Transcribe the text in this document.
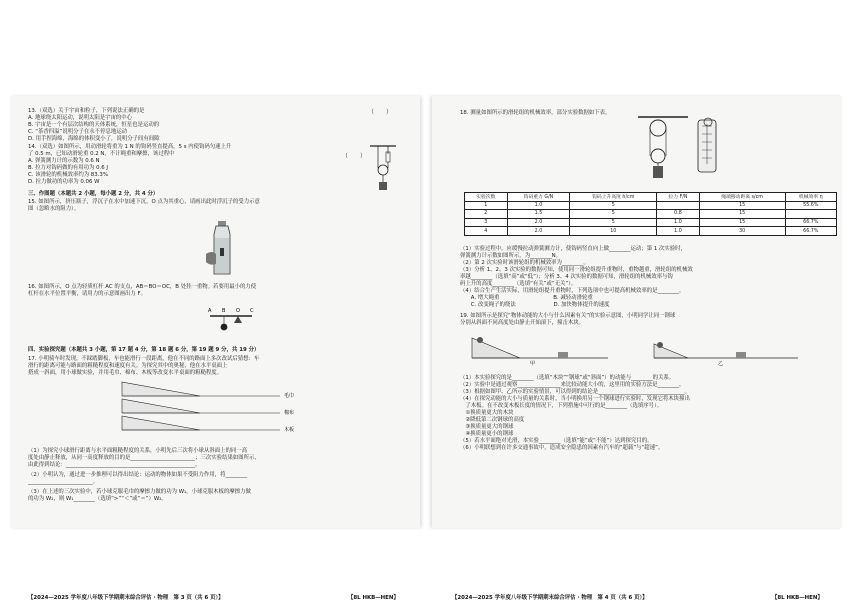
13.（双选）关于宇宙和粒子，下列说法正确的是
A. 地球绕太阳运动，说明太阳是宇宙的中心
B. 宇宙是一个有层次结构的天体系统，恒星也是运动的
C. “茶香四溢”说明分子在永不停息地运动
D. 用手捏海绵，海绵的体积变小了，说明分子间有间隙
（　　）
14.（双选）如图所示，用动滑轮将重为 1 N 的钩码竖直提高，5 s 内使钩码匀速上升
了 0.5 m，已知动滑轮重 0.2 N，不计绳重和摩擦，该过程中
A. 弹簧测力计的示数为 0.6 N
B. 拉力对钩码做的有用功为 0.6 J
C. 该滑轮的机械效率约为 83.3%
D. 拉力做功的功率为 0.06 W
（　　）
三、作图题（本题共 2 小题，每小题 2 分，共 4 分）
15. 如图所示，挤压瓶子，浮沉子在水中加速下沉，O 点为其重心，请画出此时浮沉子的受力示意
图（忽略水的阻力）。
16. 如图所示，O 点为轻质杠杆 AC 的支点，AB＝BO＝OC，B 处挂一重物。若要用最小的力使
杠杆在水平位置平衡，请用力的示意图画出力 F。
A B O C
四、实验探究题（本题共 3 小题，第 17 题 4 分，第 18 题 6 分，第 19 题 9 分，共 19 分）
17. 小明骑车时发现，不踩踏脚板，车也能滑行一段距离，他在不同的路面上多次改试后猜想：车
滑行的距离可能与路面的粗糙程度和速度有关。为探究其中的奥秘，他在水平桌面上
搭成一斜面，用小球做实验，并用毛巾、棉布、木板等改变水平桌面的粗糙程度。
毛巾
棉布
木板
（1）为探究小球滑行距离与水平面粗糙程度的关系，小明先后三次将小球从斜面上的同一高
度处由静止释放，从同一高度释放的目的是________________________；三次实验结果如图所示，
由此得到结论：________________________________________________。
（2）小明认为，通过进一步推理可以得出结论：运动的物体如果不受阻力作用，将________
________________________。
（3）在上述的三次实验中，若小球克服毛巾的摩擦力做的功为 W₁，小球克服木板的摩擦力做
的功为 W₂，则 W₁________（选填“>”“＜”或“＝”）W₂。
【2024—2025 学年度八年级下学期期末综合评估 · 物理　第 3 页（共 6 页）】	【8L HKB—HEN】
18. 测量如图所示的滑轮组的机械效率，部分实验数据如下表。
实验次数	钩码重力 G/N	钩码上升高度 h/cm	拉力 F/N	绳端移动距离 s/cm	机械效率 η
1	1.0	5		15	55.6%
2	1.5	5	0.8	15	
3	2.0	5	1.0	15	66.7%
4	2.0	10	1.0	30	66.7%
（1）实验过程中，应缓慢拉动弹簧测力计，使钩码竖直向上做________运动；第 1 次实验时，
弹簧测力计示数如图所示，为________N。
（2）第 2 次实验时该滑轮组的机械效率为________。
（3）分析 1、2、3 次实验的数据可知，使用同一滑轮组提升重物时，重物越重，滑轮组的机械效
率越________（选填“高”或“低”）；分析 3、4 次实验的数据可知，滑轮组的机械效率与钩
码上升的高度________（选填“有关”或“无关”）。
（4）结合生产生活实际，用滑轮组提升重物时，下列选项中也可提高机械效率的是________。
　　A. 增大绳重　　　　　　　　　　B. 减轻动滑轮重
　　C. 改变绳子的绕法　　　　　　　D. 加快物体提升的速度
19. 如图所示是探究“物体动能的大小与什么因素有关”的实验示意图，小明同学让同一钢球
分别从斜面不同高度处由静止开始滚下，撞击木块。
甲	乙
（1）本实验探究的是________（选填“木块”“钢球”或“斜面”）的动能与________的关系。
（2）实验中是通过观察________________来比较动能大小的，这里用的实验方法是________。
（3）根据如图甲、乙所示的实验情景，可以得到的结论是________________________________。
（4）在探究动能的大小与质量的关系时，当小明换用另一个钢球进行实验时，发现它将木块撞出
　了木板。在不改变木板长度的情况下，下列措施中可行的是________（选填序号）。
　①换质量更大的木块
　②降低第二次钢球的高度
　③换质量更大的钢球
　④换质量更小的钢球
（5）若水平面绝对光滑，本实验________（选填“能”或“不能”）达到探究目的。
（6）小明联想到在许多交通事故中，造成安全隐患的因素有汽车的“超载”与“超速”。
【2024—2025 学年度八年级下学期期末综合评估 · 物理　第 4 页（共 6 页）】	【8L HKB—HEN】
